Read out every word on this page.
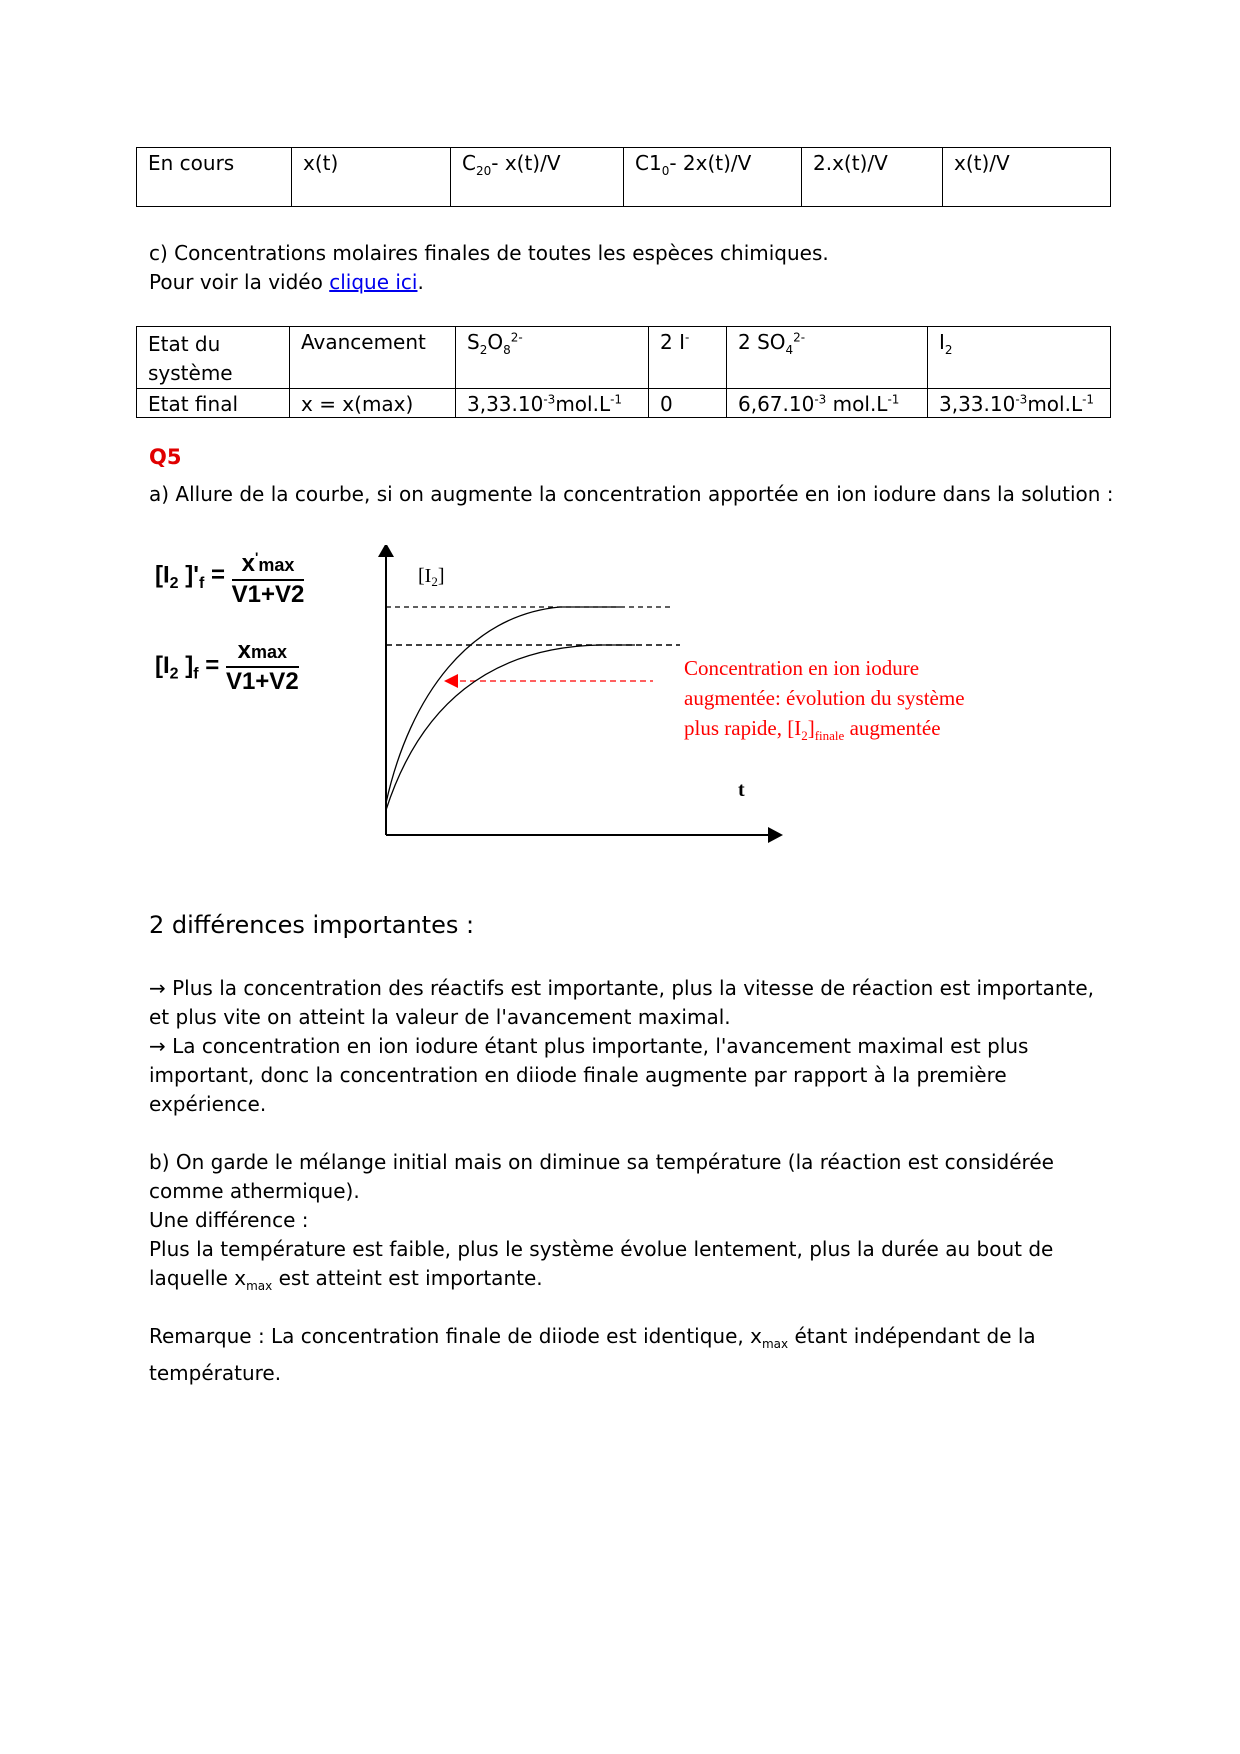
En cours	x(t)	$C_{20}-$ x(t)/V	$C1_0-$ 2x(t)/V	2.x(t)/V	x(t)/V
c) Concentrations molaires finales de toutes les espèces chimiques.
Pour voir la vidéo clique ici.
Etat du système	Avancement	$S_2O_8^{2-}$	2 I-	2 $SO_4^{2-}$	$I_2$
Etat final	x = x(max)	$3,33.10^{-3}mol.L^{-1}$	0	$6,67.10^{-3}$ $mol.L^{-1}$	$3,33.10^{-3}mol.L^{-1}$
Q5
a) Allure de la courbe, si on augmente la concentration apportée en ion iodure dans la solution :
[$I_2$ ]'$_f = \frac{x'\max}{V1+V2}$
[$I_2$ ]$_f = \frac{xmax}{V1+V2}$
$[I_2]$
t
Concentration en ion iodure
augmentée: évolution du système
plus rapide, $[I_2]_{finale}$ augmentée
2 différences importantes :
→ Plus la concentration des réactifs est importante, plus la vitesse de réaction est importante, et plus vite on atteint la valeur de l'avancement maximal.
→ La concentration en ion iodure étant plus importante, l'avancement maximal est plus important, donc la concentration en diiode finale augmente par rapport à la première expérience.
b) On garde le mélange initial mais on diminue sa température (la réaction est considérée comme athermique).
Une différence :
Plus la température est faible, plus le système évolue lentement, plus la durée au bout de laquelle $x_{max}$ est atteint est importante.
Remarque : La concentration finale de diiode est identique, $x_{max}$ étant indépendant de la température.
